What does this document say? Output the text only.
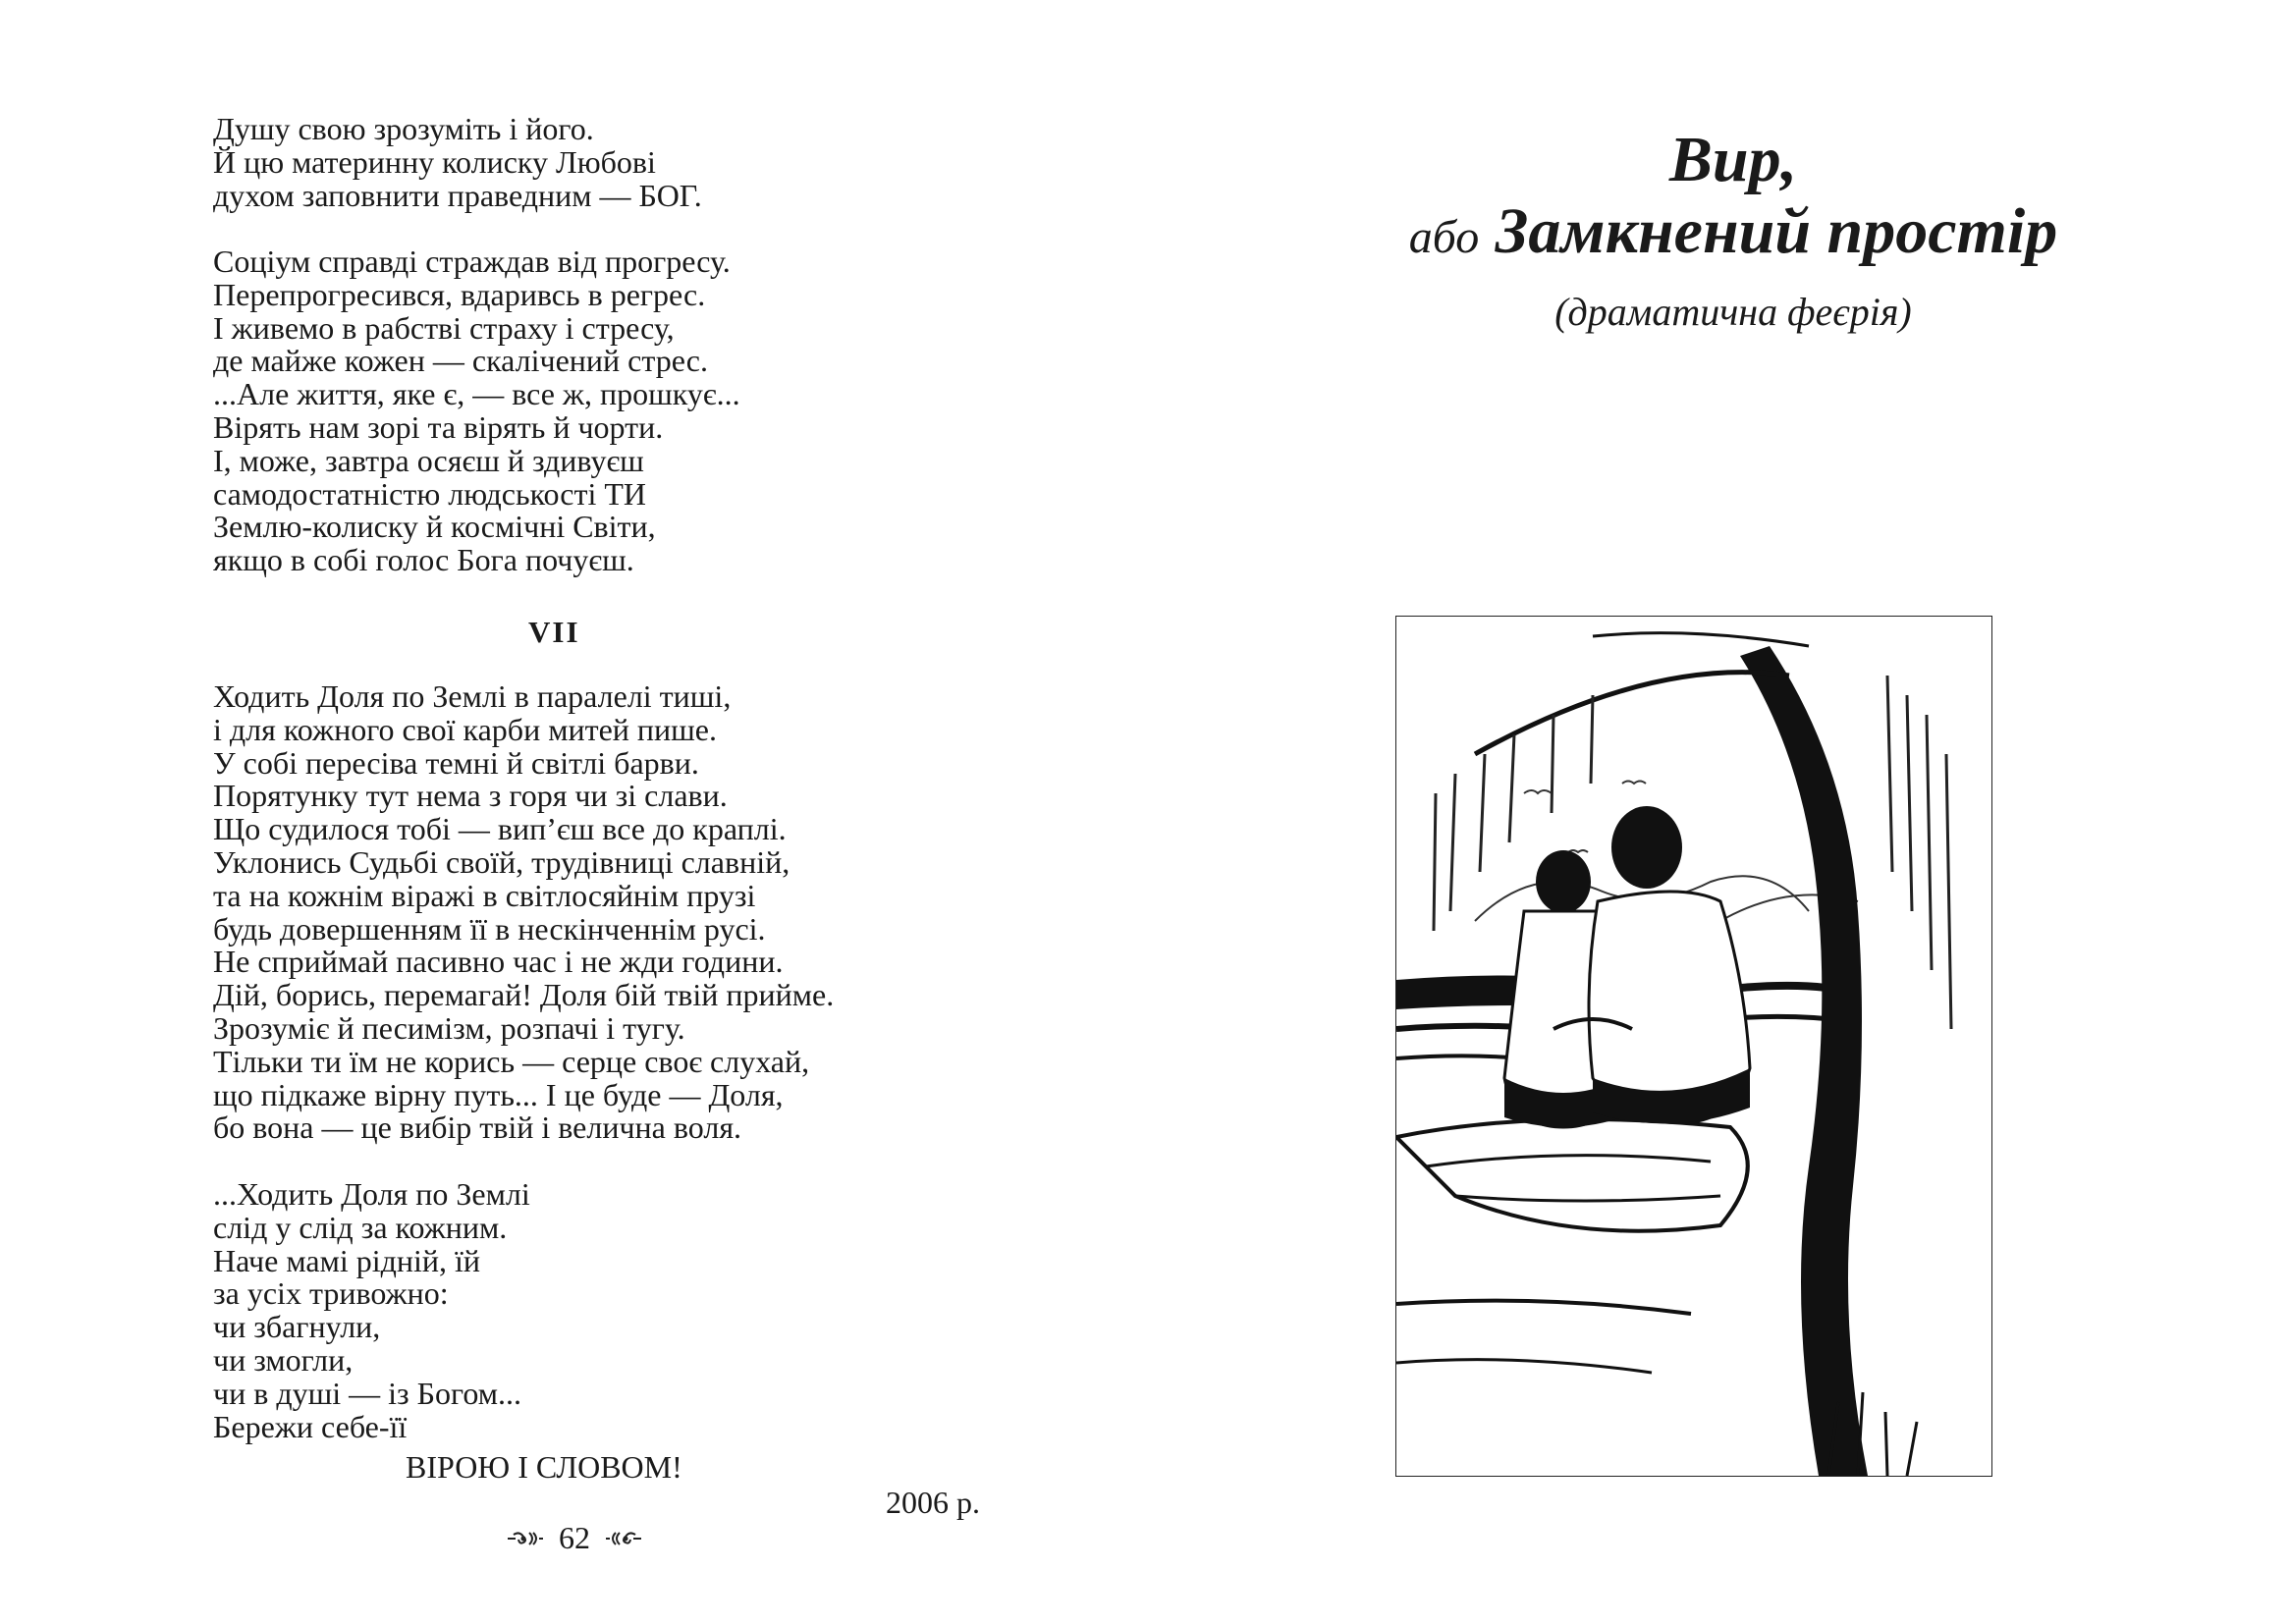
Душу свою зрозуміть і його.
Й цю материнну колиску Любові
духом заповнити праведним — БОГ.
Соціум справді страждав від прогресу.
Перепрогресився, вдаривсь в регрес.
І живемо в рабстві страху і стресу,
де майже кожен — скалічений стрес.
...Але життя, яке є, — все ж, прошкує...
Вірять нам зорі та вірять й чорти.
І, може, завтра осяєш й здивуєш
самодостатністю людськості ТИ
Землю-колиску й космічні Світи,
якщо в собі голос Бога почуєш.
VII
Ходить Доля по Землі в паралелі тиші,
і для кожного свої карби митей пише.
У собі пересіва темні й світлі барви.
Порятунку тут нема з горя чи зі слави.
Що судилося тобі — вип’єш все до краплі.
Уклонись Судьбі своїй, трудівниці славній,
та на кожнім віражі в світлосяйнім прузі
будь довершенням її в нескінченнім русі.
Не сприймай пасивно час і не жди години.
Дій, борись, перемагай! Доля бій твій прийме.
Зрозуміє й песимізм, розпачі і тугу.
Тільки ти їм не корись — серце своє слухай,
що підкаже вірну путь... І це буде — Доля,
бо вона — це вибір твій і велична воля.
...Ходить Доля по Землі
слід у слід за кожним.
Наче мамі рідній, їй
за усіх тривожно:
чи збагнули,
чи змогли,
чи в душі — із Богом...
Бережи себе-її
ВІРОЮ І СЛОВОМ!
2006 р.
62
Вир,
або Замкнений простір
(драматична феєрія)
